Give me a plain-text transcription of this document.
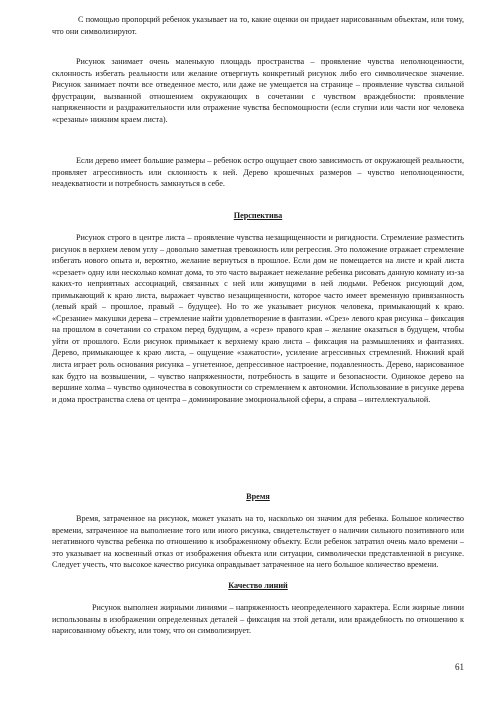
С помощью пропорций ребенок указывает на то, какие оценки он придает нарисованным объектам, или тому, что они символизируют.

Рисунок занимает очень маленькую площадь пространства – проявление чувства неполноценности, склонность избегать реальности или желание отвергнуть конкретный рисунок либо его символическое значение. Рисунок занимает почти все отведенное место, или даже не умещается на странице – проявление чувства сильной фрустрации, вызванной отношением окружающих в сочетании с чувством враждебности: проявление напряженности и раздражительности или отражение чувства беспомощности (если ступни или части ног человека «срезаны» нижним краем листа).

Если дерево имеет большие размеры – ребенок остро ощущает свою зависимость от окружающей реальности, проявляет агрессивность или склонность к ней. Дерево крошечных размеров – чувство неполноценности, неадекватности и потребность замкнуться в себе.

Перспектива

Рисунок строго в центре листа – проявление чувства незащищенности и ригидности. Стремление разместить рисунок в верхнем левом углу – довольно заметная тревожность или регрессия. Это положение отражает стремление избегать нового опыта и, вероятно, желание вернуться в прошлое. Если дом не помещается на листе и край листа «срезает» одну или несколько комнат дома, то это часто выражает нежелание ребенка рисовать данную комнату из-за каких-то неприятных ассоциаций, связанных с ней или живущими в ней людьми. Ребенок рисующий дом, примыкающий к краю листа, выражает чувство незащищенности, которое часто имеет временную привязанность (левый край – прошлое, правый – будущее). Но то же указывает рисунок человека, примыкающий к краю. «Срезание» макушки дерева – стремление найти удовлетворение в фантазии. «Срез» левого края рисунка – фиксация на прошлом в сочетании со страхом перед будущим, а «срез» правого края – желание оказаться в будущем, чтобы уйти от прошлого. Если рисунок примыкает к верхнему краю листа – фиксация на размышлениях и фантазиях. Дерево, примыкающее к краю листа, – ощущение «зажатости», усиление агрессивных стремлений. Нижний край листа играет роль основания рисунка – угнетенное, депрессивное настроение, подавленность. Дерево, нарисованное как будто на возвышении, – чувство напряженности, потребность в защите и безопасности. Одинокое дерево на вершине холма – чувство одиночества в совокупности со стремлением к автономии. Использование в рисунке дерева и дома пространства слева от центра – доминирование эмоциональной сферы, а справа – интеллектуальной.

Время

Время, затраченное на рисунок, может указать на то, насколько он значим для ребенка. Большое количество времени, затраченное на выполнение того или иного рисунка, свидетельствует о наличии сильного позитивного или негативного чувства ребенка по отношению к изображенному объекту. Если ребенок затратил очень мало времени – это указывает на косвенный отказ от изображения объекта или ситуации, символически представленной в рисунке. Следует учесть, что высокое качество рисунка оправдывает затраченное на него большое количество времени.

Качество линий

Рисунок выполнен жирными линиями – напряженность неопределенного характера. Если жирные линии использованы в изображении определенных деталей – фиксация на этой детали, или враждебность по отношению к нарисованному объекту, или тому, что он символизирует.

61
